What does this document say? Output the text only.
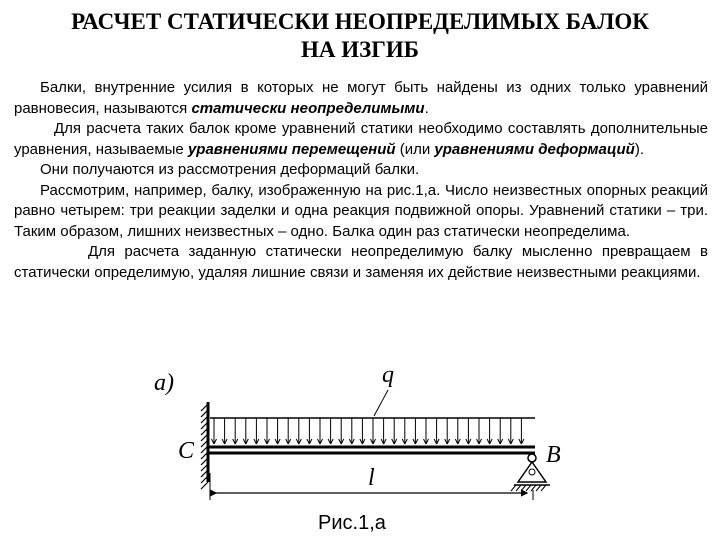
РАСЧЕТ СТАТИЧЕСКИ НЕОПРЕДЕЛИМЫХ БАЛОК
НА ИЗГИБ

Балки, внутренние усилия в которых не могут быть найдены из одних только уравнений равновесия, называются статически неопределимыми.

Для расчета таких балок кроме уравнений статики необходимо составлять дополнительные уравнения, называемые уравнениями перемещений (или уравнениями деформаций).

Они получаются из рассмотрения деформаций балки.

Рассмотрим, например, балку, изображенную на рис.1,а. Число неизвестных опорных реакций равно четырем: три реакции заделки и одна реакция подвижной опоры. Уравнений статики – три. Таким образом, лишних неизвестных – одно. Балка один раз статически неопределима.

Для расчета заданную статически неопределимую балку мысленно превращаем в статически определимую, удаляя лишние связи и заменяя их действие неизвестными реакциями.

а)	q
C	B
l
Рис.1,а
